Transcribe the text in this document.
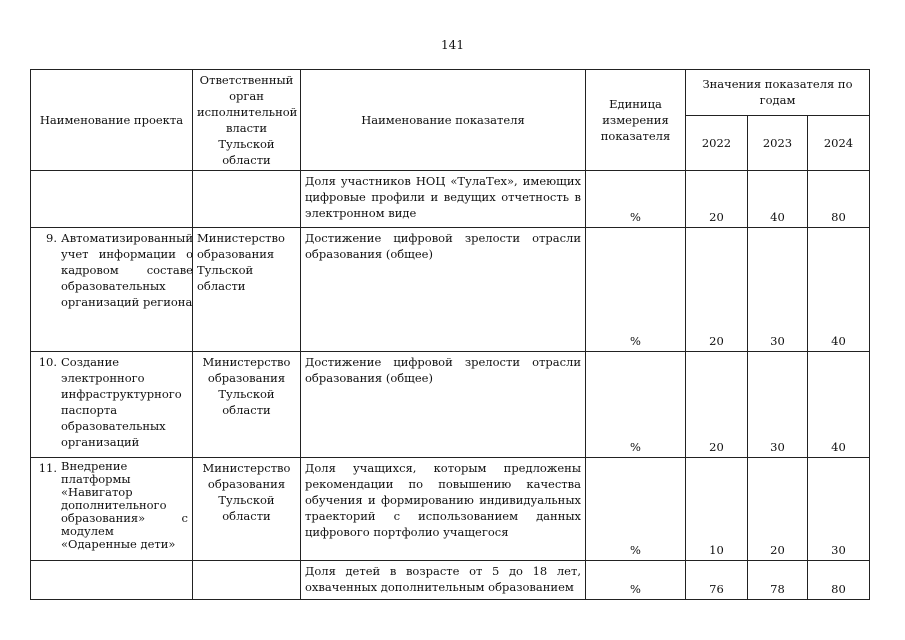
141
Наименование проекта	Ответственный орган исполнительной власти Тульской области	Наименование показателя	Единица измерения показателя	Значения показателя по годам		
				2022	2023	2024

		Доля участников НОЦ «ТулаТех», имеющих цифровые профили и ведущих отчетность в электронном виде	%	20	40	80

9. Автоматизированный учет информации о кадровом составе образовательных организаций региона	Министерство образования Тульской области	Достижение цифровой зрелости отрасли образования (общее)	%	20	30	40

10. Создание электронного инфраструктурного паспорта образовательных организаций	Министерство образования Тульской области	Достижение цифровой зрелости отрасли образования (общее)	%	20	30	40

11. Внедрение платформы «Навигатор дополнительного образования» с модулем «Одаренные дети»	Министерство образования Тульской области	Доля учащихся, которым предложены рекомендации по повышению качества обучения и формированию индивидуальных траекторий с использованием данных цифрового портфолио учащегося	%	10	20	30

		Доля детей в возрасте от 5 до 18 лет, охваченных дополнительным образованием	%	76	78	80
